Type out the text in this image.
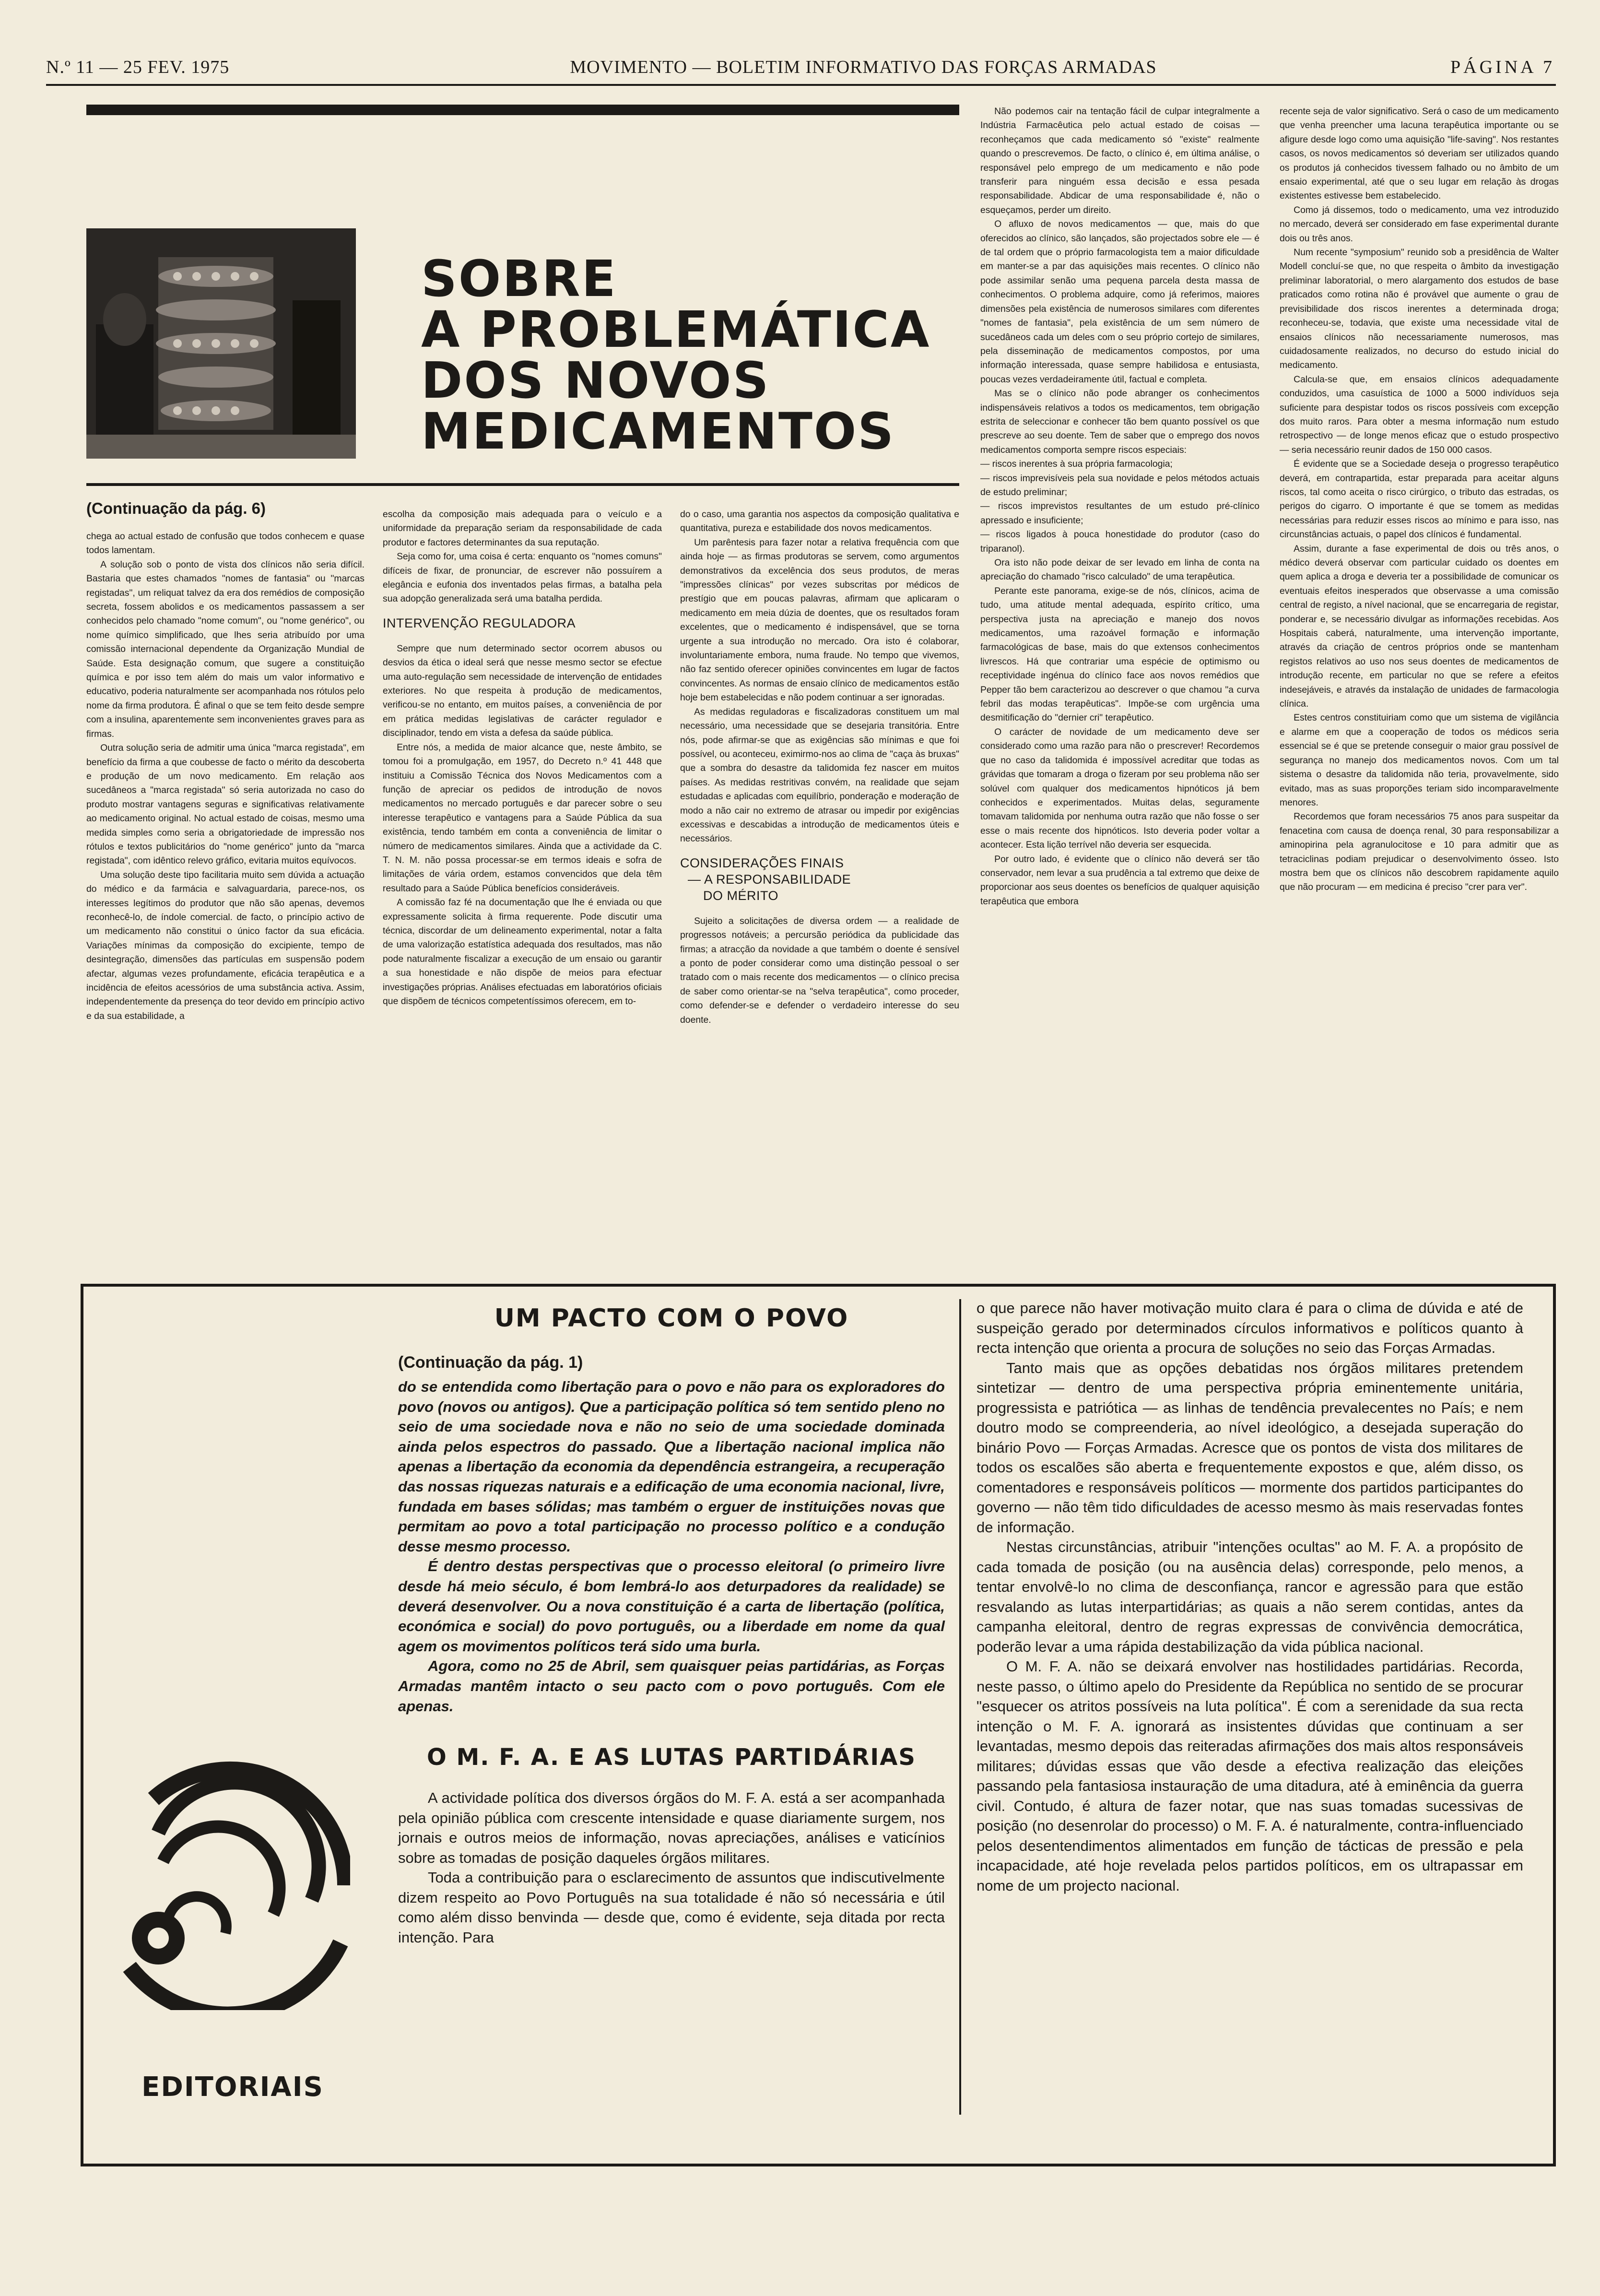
N.º 11 — 25 FEV. 1975	MOVIMENTO — BOLETIM INFORMATIVO DAS FORÇAS ARMADAS	PÁGINA 7
SOBRE
A PROBLEMÁTICA
DOS NOVOS
MEDICAMENTOS
(Continuação da pág. 6)

chega ao actual estado de confusão que todos conhecem e quase todos lamentam.

A solução sob o ponto de vista dos clínicos não seria difícil. Bastaria que estes chamados "nomes de fantasia" ou "marcas registadas", um reliquat talvez da era dos remédios de composição secreta, fossem abolidos e os medicamentos passassem a ser conhecidos pelo chamado "nome comum", ou "nome genérico", ou nome químico simplificado, que lhes seria atribuído por uma comissão internacional dependente da Organização Mundial de Saúde. Esta designação comum, que sugere a constituição química e por isso tem além do mais um valor informativo e educativo, poderia naturalmente ser acompanhada nos rótulos pelo nome da firma produtora. É afinal o que se tem feito desde sempre com a insulina, aparentemente sem inconvenientes graves para as firmas.

Outra solução seria de admitir uma única "marca registada", em benefício da firma a que coubesse de facto o mérito da descoberta e produção de um novo medicamento. Em relação aos sucedâneos a "marca registada" só seria autorizada no caso do produto mostrar vantagens seguras e significativas relativamente ao medicamento original. No actual estado de coisas, mesmo uma medida simples como seria a obrigatoriedade de impressão nos rótulos e textos publicitários do "nome genérico" junto da "marca registada", com idêntico relevo gráfico, evitaria muitos equívocos.

Uma solução deste tipo facilitaria muito sem dúvida a actuação do médico e da farmácia e salvaguardaria, parece-nos, os interesses legítimos do produtor que não são apenas, devemos reconhecê-lo, de índole comercial. de facto, o princípio activo de um medicamento não constitui o único factor da sua eficácia. Variações mínimas da composição do excipiente, tempo de desintegração, dimensões das partículas em suspensão podem afectar, algumas vezes profundamente, eficácia terapêutica e a incidência de efeitos acessórios de uma substância activa. Assim, independentemente da presença do teor devido em princípio activo e da sua estabilidade, a

escolha da composição mais adequada para o veículo e a uniformidade da preparação seriam da responsabilidade de cada produtor e factores determinantes da sua reputação.

Seja como for, uma coisa é certa: enquanto os "nomes comuns" difíceis de fixar, de pronunciar, de escrever não possuírem a elegância e eufonia dos inventados pelas firmas, a batalha pela sua adopção generalizada será uma batalha perdida.

INTERVENÇÃO REGULADORA

Sempre que num determinado sector ocorrem abusos ou desvios da ética o ideal será que nesse mesmo sector se efectue uma auto-regulação sem necessidade de intervenção de entidades exteriores. No que respeita à produção de medicamentos, verificou-se no entanto, em muitos países, a conveniência de por em prática medidas legislativas de carácter regulador e disciplinador, tendo em vista a defesa da saúde pública.

Entre nós, a medida de maior alcance que, neste âmbito, se tomou foi a promulgação, em 1957, do Decreto n.º 41 448 que instituiu a Comissão Técnica dos Novos Medicamentos com a função de apreciar os pedidos de introdução de novos medicamentos no mercado português e dar parecer sobre o seu interesse terapêutico e vantagens para a Saúde Pública da sua existência, tendo também em conta a conveniência de limitar o número de medicamentos similares. Ainda que a actividade da C. T. N. M. não possa processar-se em termos ideais e sofra de limitações de vária ordem, estamos convencidos que dela têm resultado para a Saúde Pública benefícios consideráveis.

A comissão faz fé na documentação que lhe é enviada ou que expressamente solicita à firma requerente. Pode discutir uma técnica, discordar de um delineamento experimental, notar a falta de uma valorização estatística adequada dos resultados, mas não pode naturalmente fiscalizar a execução de um ensaio ou garantir a sua honestidade e não dispõe de meios para efectuar investigações próprias. Análises efectuadas em laboratórios oficiais que dispõem de técnicos competentíssimos oferecem, em to-

do o caso, uma garantia nos aspectos da composição qualitativa e quantitativa, pureza e estabilidade dos novos medicamentos.

Um parêntesis para fazer notar a relativa frequência com que ainda hoje — as firmas produtoras se servem, como argumentos demonstrativos da excelência dos seus produtos, de meras "impressões clínicas" por vezes subscritas por médicos de prestígio que em poucas palavras, afirmam que aplicaram o medicamento em meia dúzia de doentes, que os resultados foram excelentes, que o medicamento é indispensável, que se torna urgente a sua introdução no mercado. Ora isto é colaborar, involuntariamente embora, numa fraude. No tempo que vivemos, não faz sentido oferecer opiniões convincentes em lugar de factos convincentes. As normas de ensaio clínico de medicamentos estão hoje bem estabelecidas e não podem continuar a ser ignoradas.

As medidas reguladoras e fiscalizadoras constituem um mal necessário, uma necessidade que se desejaria transitória. Entre nós, pode afirmar-se que as exigências são mínimas e que foi possível, ou aconteceu, eximirmo-nos ao clima de "caça às bruxas" que a sombra do desastre da talidomida fez nascer em muitos países. As medidas restritivas convém, na realidade que sejam estudadas e aplicadas com equilíbrio, ponderação e moderação de modo a não cair no extremo de atrasar ou impedir por exigências excessivas e descabidas a introdução de medicamentos úteis e necessários.

CONSIDERAÇÕES FINAIS
— A RESPONSABILIDADE
DO MÉRITO

Sujeito a solicitações de diversa ordem — a realidade de progressos notáveis; a percursão periódica da publicidade das firmas; a atracção da novidade a que também o doente é sensível a ponto de poder considerar como uma distinção pessoal o ser tratado com o mais recente dos medicamentos — o clínico precisa de saber como orientar-se na "selva terapêutica", como proceder, como defender-se e defender o verdadeiro interesse do seu doente.

Não podemos cair na tentação fácil de culpar integralmente a Indústria Farmacêutica pelo actual estado de coisas — reconheçamos que cada medicamento só "existe" realmente quando o prescrevemos. De facto, o clínico é, em última análise, o responsável pelo emprego de um medicamento e não pode transferir para ninguém essa decisão e essa pesada responsabilidade. Abdicar de uma responsabilidade é, não o esqueçamos, perder um direito.

O afluxo de novos medicamentos — que, mais do que oferecidos ao clínico, são lançados, são projectados sobre ele — é de tal ordem que o próprio farmacologista tem a maior dificuldade em manter-se a par das aquisições mais recentes. O clínico não pode assimilar senão uma pequena parcela desta massa de conhecimentos. O problema adquire, como já referimos, maiores dimensões pela existência de numerosos similares com diferentes "nomes de fantasia", pela existência de um sem número de sucedâneos cada um deles com o seu próprio cortejo de similares, pela disseminação de medicamentos compostos, por uma informação interessada, quase sempre habilidosa e entusiasta, poucas vezes verdadeiramente útil, factual e completa.

Mas se o clínico não pode abranger os conhecimentos indispensáveis relativos a todos os medicamentos, tem obrigação estrita de seleccionar e conhecer tão bem quanto possível os que prescreve ao seu doente. Tem de saber que o emprego dos novos medicamentos comporta sempre riscos especiais:

— riscos inerentes à sua própria farmacologia;

— riscos imprevisíveis pela sua novidade e pelos métodos actuais de estudo preliminar;

— riscos imprevistos resultantes de um estudo pré-clínico apressado e insuficiente;

— riscos ligados à pouca honestidade do produtor (caso do triparanol).

Ora isto não pode deixar de ser levado em linha de conta na apreciação do chamado "risco calculado" de uma terapêutica.

Perante este panorama, exige-se de nós, clínicos, acima de tudo, uma atitude mental adequada, espírito crítico, uma perspectiva justa na apreciação e manejo dos novos medicamentos, uma razoável formação e informação farmacológicas de base, mais do que extensos conhecimentos livrescos. Há que contrariar uma espécie de optimismo ou receptividade ingénua do clínico face aos novos remédios que Pepper tão bem caracterizou ao descrever o que chamou "a curva febril das modas terapêuticas". Impõe-se com urgência uma desmitificação do "dernier cri" terapêutico.

O carácter de novidade de um medicamento deve ser considerado como uma razão para não o prescrever! Recordemos que no caso da talidomida é impossível acreditar que todas as grávidas que tomaram a droga o fizeram por seu problema não ser solúvel com qualquer dos medicamentos hipnóticos já bem conhecidos e experimentados. Muitas delas, seguramente tomavam talidomida por nenhuma outra razão que não fosse o ser esse o mais recente dos hipnóticos. Isto deveria poder voltar a acontecer. Esta lição terrível não deveria ser esquecida.

Por outro lado, é evidente que o clínico não deverá ser tão conservador, nem levar a sua prudência a tal extremo que deixe de proporcionar aos seus doentes os benefícios de qualquer aquisição terapêutica que embora

recente seja de valor significativo. Será o caso de um medicamento que venha preencher uma lacuna terapêutica importante ou se afigure desde logo como uma aquisição "life-saving". Nos restantes casos, os novos medicamentos só deveriam ser utilizados quando os produtos já conhecidos tivessem falhado ou no âmbito de um ensaio experimental, até que o seu lugar em relação às drogas existentes estivesse bem estabelecido.

Como já dissemos, todo o medicamento, uma vez introduzido no mercado, deverá ser considerado em fase experimental durante dois ou três anos.

Num recente "symposium" reunido sob a presidência de Walter Modell concluí-se que, no que respeita o âmbito da investigação preliminar laboratorial, o mero alargamento dos estudos de base praticados como rotina não é provável que aumente o grau de previsibilidade dos riscos inerentes a determinada droga; reconheceu-se, todavia, que existe uma necessidade vital de ensaios clínicos não necessariamente numerosos, mas cuidadosamente realizados, no decurso do estudo inicial do medicamento.

Calcula-se que, em ensaios clínicos adequadamente conduzidos, uma casuística de 1000 a 5000 indivíduos seja suficiente para despistar todos os riscos possíveis com excepção dos muito raros. Para obter a mesma informação num estudo retrospectivo — de longe menos eficaz que o estudo prospectivo — seria necessário reunir dados de 150 000 casos.

É evidente que se a Sociedade deseja o progresso terapêutico deverá, em contrapartida, estar preparada para aceitar alguns riscos, tal como aceita o risco cirúrgico, o tributo das estradas, os perigos do cigarro. O importante é que se tomem as medidas necessárias para reduzir esses riscos ao mínimo e para isso, nas circunstâncias actuais, o papel dos clínicos é fundamental.

Assim, durante a fase experimental de dois ou três anos, o médico deverá observar com particular cuidado os doentes em quem aplica a droga e deveria ter a possibilidade de comunicar os eventuais efeitos inesperados que observasse a uma comissão central de registo, a nível nacional, que se encarregaria de registar, ponderar e, se necessário divulgar as informações recebidas. Aos Hospitais caberá, naturalmente, uma intervenção importante, através da criação de centros próprios onde se mantenham registos relativos ao uso nos seus doentes de medicamentos de introdução recente, em particular no que se refere a efeitos indesejáveis, e através da instalação de unidades de farmacologia clínica.

Estes centros constituiriam como que um sistema de vigilância e alarme em que a cooperação de todos os médicos seria essencial se é que se pretende conseguir o maior grau possível de segurança no manejo dos medicamentos novos. Com um tal sistema o desastre da talidomida não teria, provavelmente, sido evitado, mas as suas proporções teriam sido incomparavelmente menores.

Recordemos que foram necessários 75 anos para suspeitar da fenacetina com causa de doença renal, 30 para responsabilizar a aminopirina pela agranulocitose e 10 para admitir que as tetraciclinas podiam prejudicar o desenvolvimento ósseo. Isto mostra bem que os clínicos não descobrem rapidamente aquilo que não procuram — em medicina é preciso "crer para ver".

EDITORIAIS
UM PACTO COM O POVO
(Continuação da pág. 1)

do se entendida como libertação para o povo e não para os exploradores do povo (novos ou antigos). Que a participação política só tem sentido pleno no seio de uma sociedade nova e não no seio de uma sociedade dominada ainda pelos espectros do passado. Que a libertação nacional implica não apenas a libertação da economia da dependência estrangeira, a recuperação das nossas riquezas naturais e a edificação de uma economia nacional, livre, fundada em bases sólidas; mas também o erguer de instituições novas que permitam ao povo a total participação no processo político e a condução desse mesmo processo.

É dentro destas perspectivas que o processo eleitoral (o primeiro livre desde há meio século, é bom lembrá-lo aos deturpadores da realidade) se deverá desenvolver. Ou a nova constituição é a carta de libertação (política, económica e social) do povo português, ou a liberdade em nome da qual agem os movimentos políticos terá sido uma burla.

Agora, como no 25 de Abril, sem quaisquer peias partidárias, as Forças Armadas mantêm intacto o seu pacto com o povo português. Com ele apenas.

O M. F. A. E AS LUTAS PARTIDÁRIAS

A actividade política dos diversos órgãos do M. F. A. está a ser acompanhada pela opinião pública com crescente intensidade e quase diariamente surgem, nos jornais e outros meios de informação, novas apreciações, análises e vaticínios sobre as tomadas de posição daqueles órgãos militares.

Toda a contribuição para o esclarecimento de assuntos que indiscutivelmente dizem respeito ao Povo Português na sua totalidade é não só necessária e útil como além disso benvinda — desde que, como é evidente, seja ditada por recta intenção. Para

o que parece não haver motivação muito clara é para o clima de dúvida e até de suspeição gerado por determinados círculos informativos e políticos quanto à recta intenção que orienta a procura de soluções no seio das Forças Armadas.

Tanto mais que as opções debatidas nos órgãos militares pretendem sintetizar — dentro de uma perspectiva própria eminentemente unitária, progressista e patriótica — as linhas de tendência prevalecentes no País; e nem doutro modo se compreenderia, ao nível ideológico, a desejada superação do binário Povo — Forças Armadas. Acresce que os pontos de vista dos militares de todos os escalões são aberta e frequentemente expostos e que, além disso, os comentadores e responsáveis políticos — mormente dos partidos participantes do governo — não têm tido dificuldades de acesso mesmo às mais reservadas fontes de informação.

Nestas circunstâncias, atribuir "intenções ocultas" ao M. F. A. a propósito de cada tomada de posição (ou na ausência delas) corresponde, pelo menos, a tentar envolvê-lo no clima de desconfiança, rancor e agressão para que estão resvalando as lutas interpartidárias; as quais a não serem contidas, antes da campanha eleitoral, dentro de regras expressas de convivência democrática, poderão levar a uma rápida destabilização da vida pública nacional.

O M. F. A. não se deixará envolver nas hostilidades partidárias. Recorda, neste passo, o último apelo do Presidente da República no sentido de se procurar "esquecer os atritos possíveis na luta política". É com a serenidade da sua recta intenção o M. F. A. ignorará as insistentes dúvidas que continuam a ser levantadas, mesmo depois das reiteradas afirmações dos mais altos responsáveis militares; dúvidas essas que vão desde a efectiva realização das eleições passando pela fantasiosa instauração de uma ditadura, até à eminência da guerra civil. Contudo, é altura de fazer notar, que nas suas tomadas sucessivas de posição (no desenrolar do processo) o M. F. A. é naturalmente, contra-influenciado pelos desentendimentos alimentados em função de tácticas de pressão e pela incapacidade, até hoje revelada pelos partidos políticos, em os ultrapassar em nome de um projecto nacional.
